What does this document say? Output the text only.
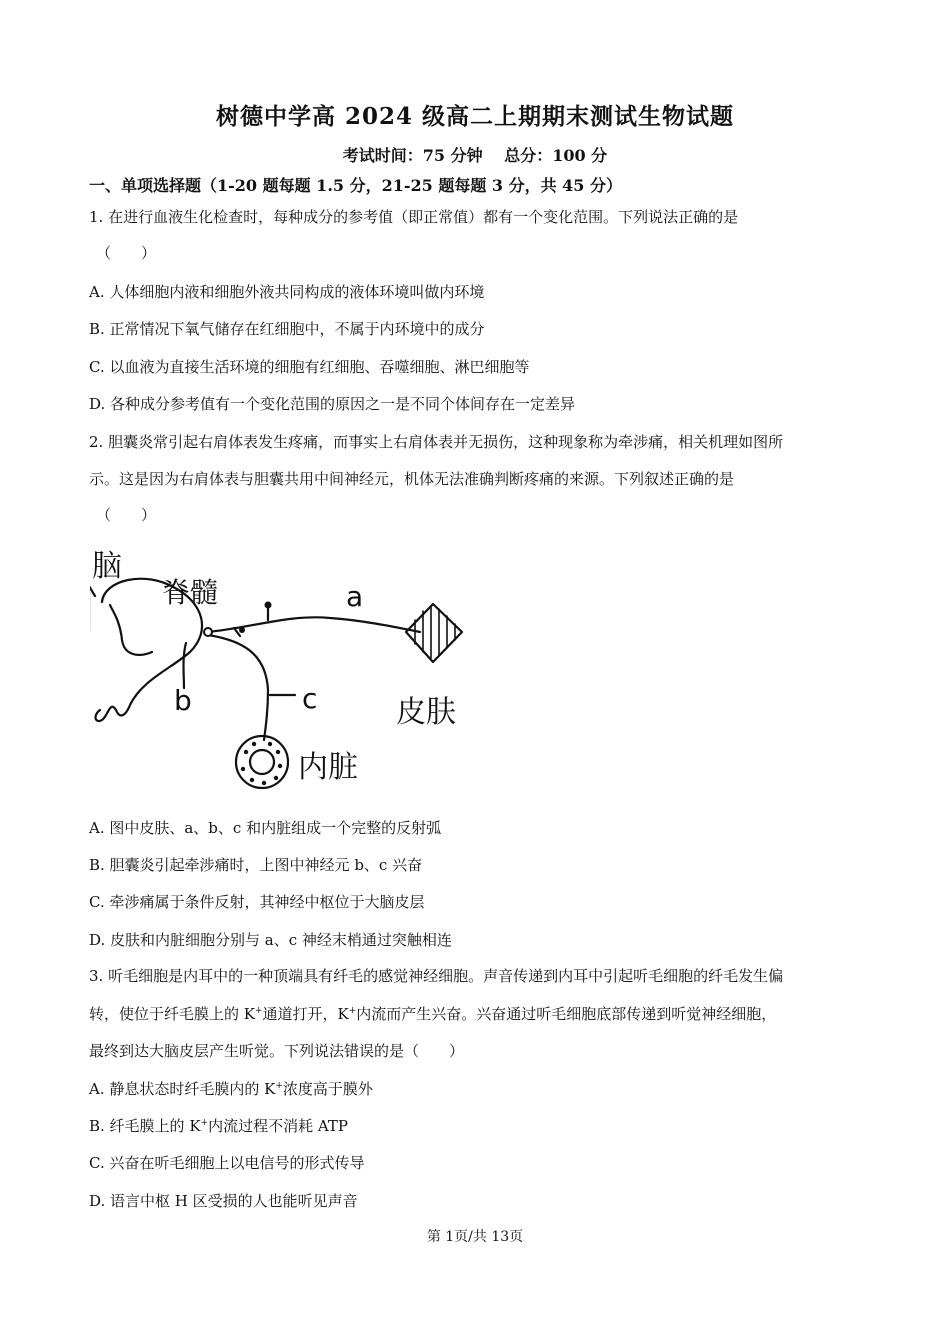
树德中学高 2024 级高二上期期末测试生物试题
考试时间：75 分钟　 总分：100 分
一、单项选择题（1-20 题每题 1.5 分，21-25 题每题 3 分，共 45 分）
1. 在进行血液生化检查时，每种成分的参考值（即正常值）都有一个变化范围。下列说法正确的是
（　　）
A. 人体细胞内液和细胞外液共同构成的液体环境叫做内环境
B. 正常情况下氧气储存在红细胞中，不属于内环境中的成分
C. 以血液为直接生活环境的细胞有红细胞、吞噬细胞、淋巴细胞等
D. 各种成分参考值有一个变化范围的原因之一是不同个体间存在一定差异
2. 胆囊炎常引起右肩体表发生疼痛，而事实上右肩体表并无损伤，这种现象称为牵涉痛，相关机理如图所
示。这是因为右肩体表与胆囊共用中间神经元，机体无法准确判断疼痛的来源。下列叙述正确的是
（　　）
脑
脊髓	a
b	c	皮肤
内脏
A. 图中皮肤、a、b、c 和内脏组成一个完整的反射弧
B. 胆囊炎引起牵涉痛时，上图中神经元 b、c 兴奋
C. 牵涉痛属于条件反射，其神经中枢位于大脑皮层
D. 皮肤和内脏细胞分别与 a、c 神经末梢通过突触相连
3. 听毛细胞是内耳中的一种顶端具有纤毛的感觉神经细胞。声音传递到内耳中引起听毛细胞的纤毛发生偏
转，使位于纤毛膜上的 K+通道打开，K+内流而产生兴奋。兴奋通过听毛细胞底部传递到听觉神经细胞，
最终到达大脑皮层产生听觉。下列说法错误的是（　　）
A. 静息状态时纤毛膜内的 K+浓度高于膜外
B. 纤毛膜上的 K+内流过程不消耗 ATP
C. 兴奋在听毛细胞上以电信号的形式传导
D. 语言中枢 H 区受损的人也能听见声音
第 1页/共 13页
